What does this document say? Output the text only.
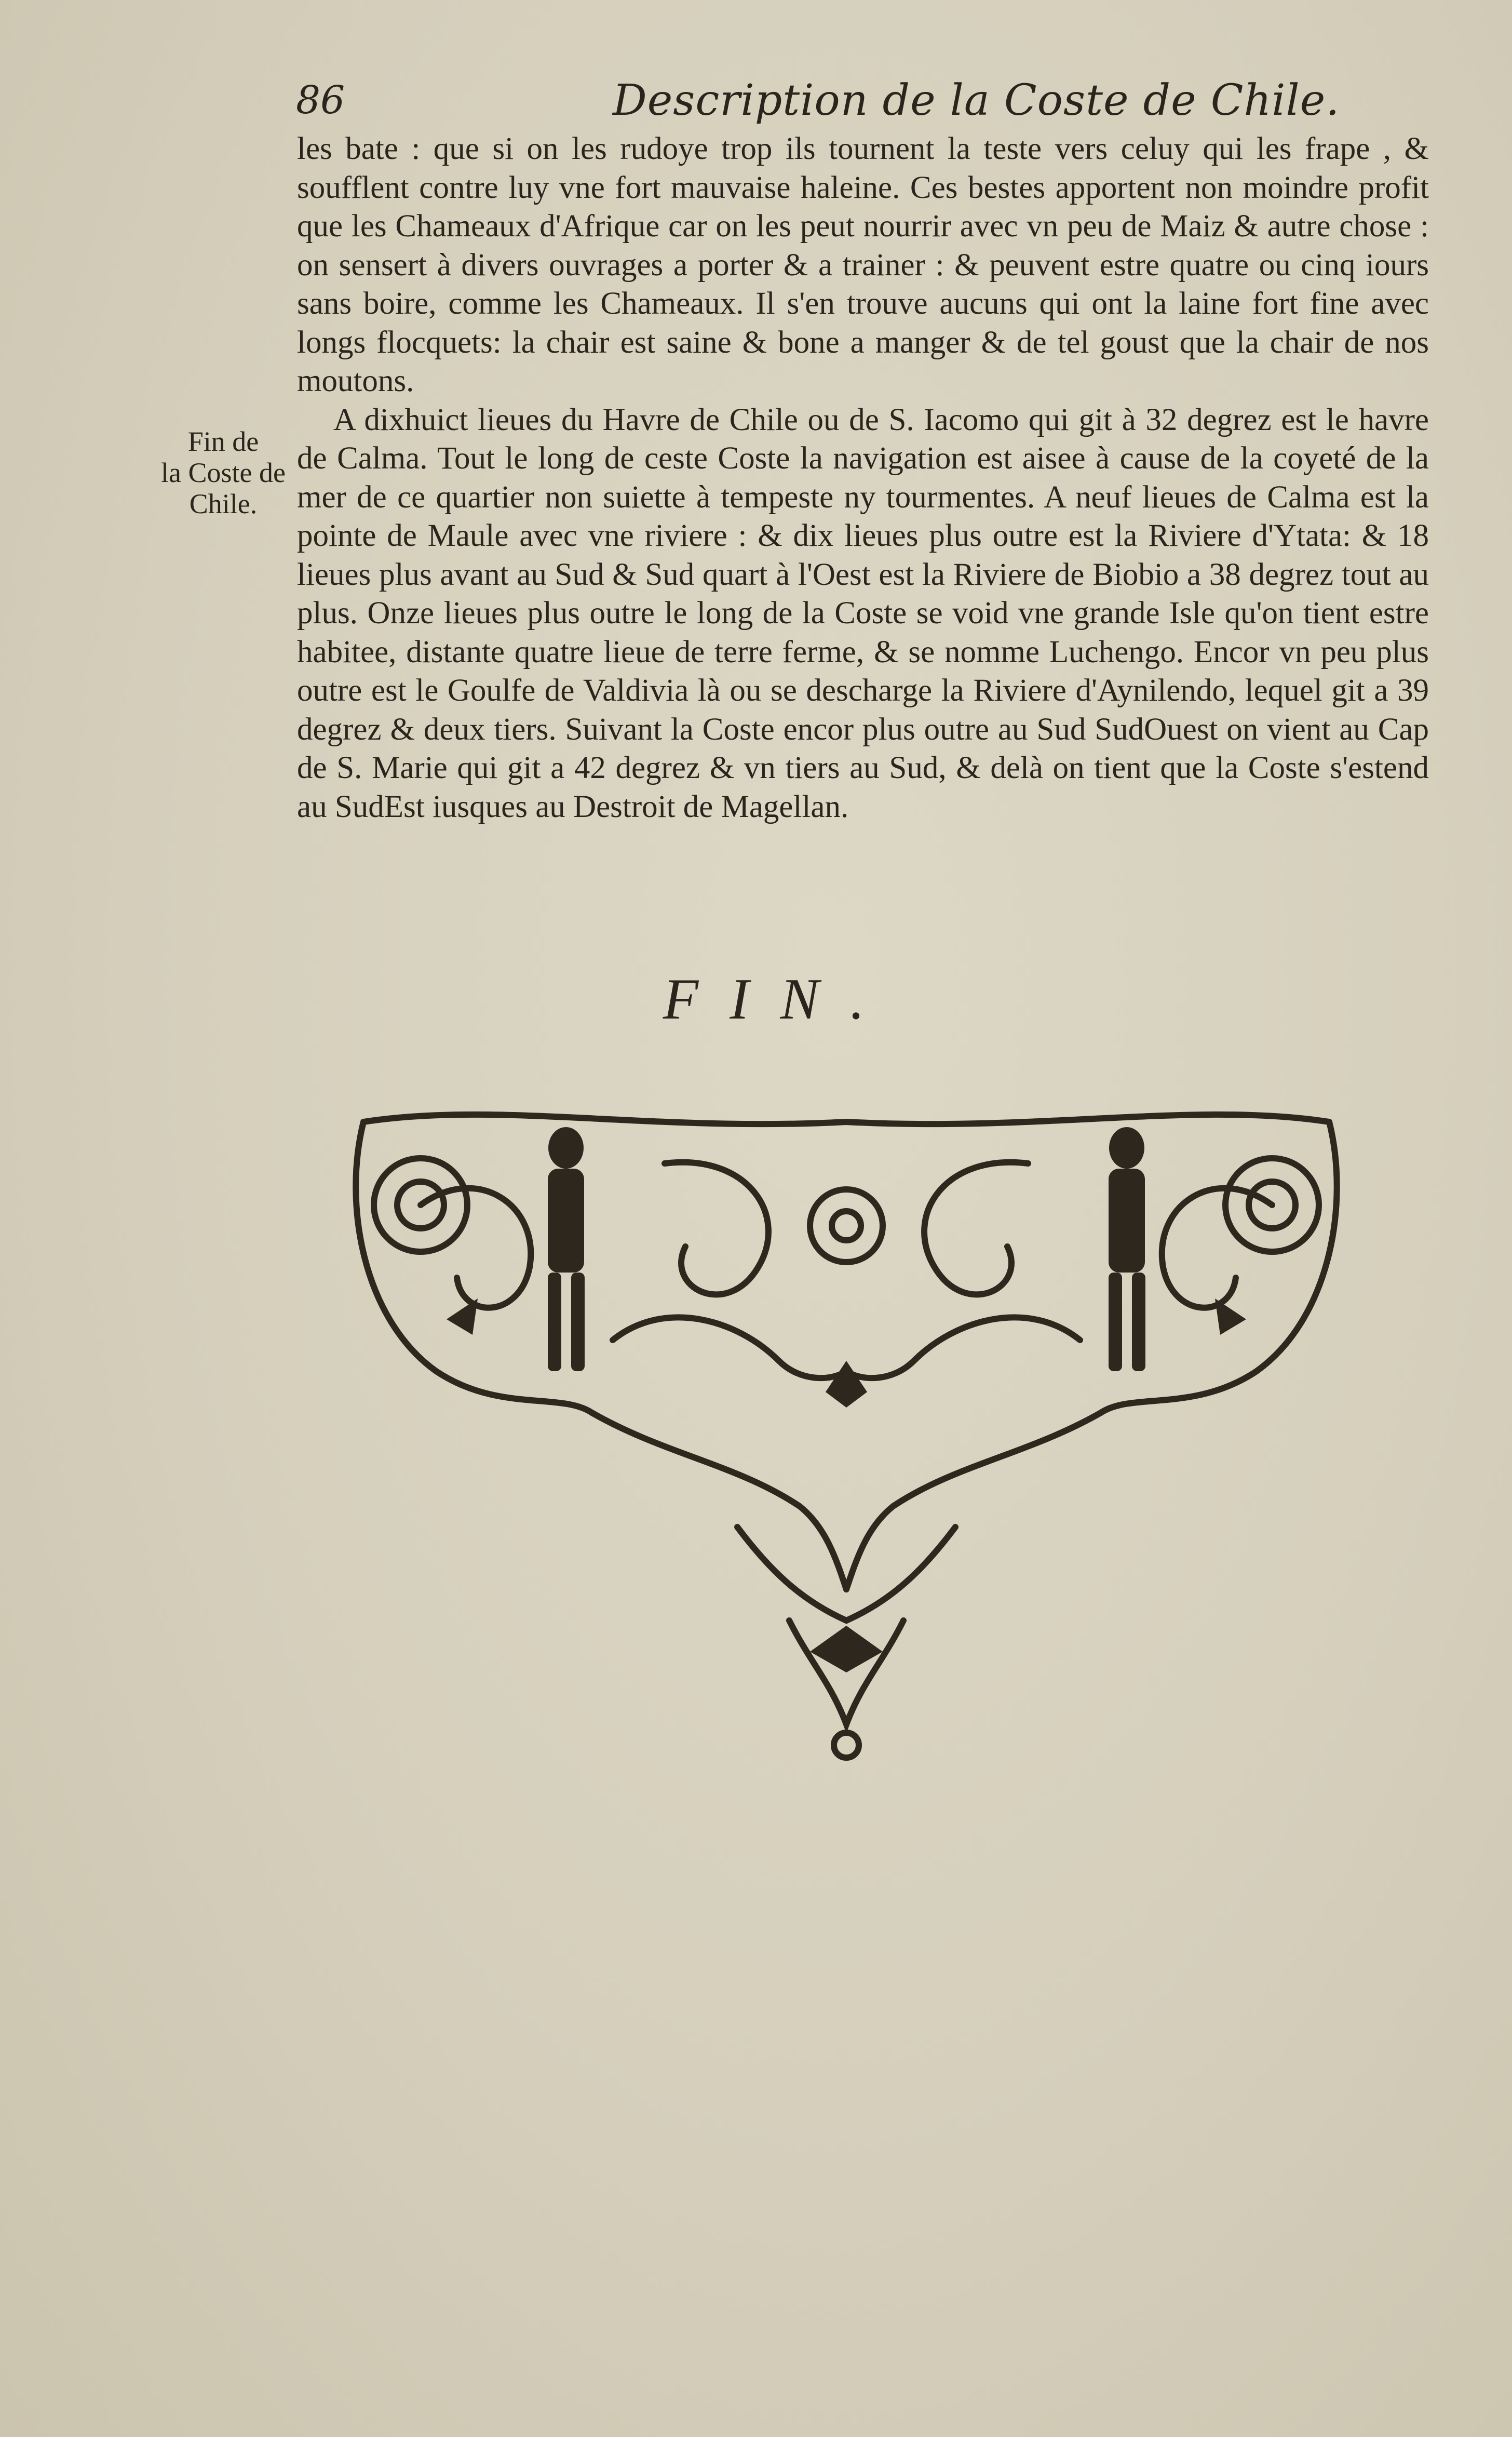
86	Description de la Coste de Chile.
Fin de
la Coste de
Chile.

les bate : que si on les rudoye trop ils tournent la teste vers celuy qui les frape , & soufflent contre luy vne fort mauvaise haleine. Ces bestes apportent non moindre profit que les Chameaux d'Afrique car on les peut nourrir avec vn peu de Maiz & autre chose : on sensert à divers ouvrages a porter & a trainer : & peuvent estre quatre ou cinq iours sans boire, comme les Chameaux. Il s'en trouve aucuns qui ont la laine fort fine avec longs flocquets: la chair est saine & bone a manger & de tel goust que la chair de nos moutons.

A dixhuict lieues du Havre de Chile ou de S. Iacomo qui git à 32 degrez est le havre de Calma. Tout le long de ceste Coste la navigation est aisee à cause de la coyeté de la mer de ce quartier non suiette à tempeste ny tourmentes. A neuf lieues de Calma est la pointe de Maule avec vne riviere : & dix lieues plus outre est la Riviere d'Ytata: & 18 lieues plus avant au Sud & Sud quart à l'Oest est la Riviere de Biobio a 38 degrez tout au plus. Onze lieues plus outre le long de la Coste se void vne grande Isle qu'on tient estre habitee, distante quatre lieue de terre ferme, & se nomme Luchengo. Encor vn peu plus outre est le Goulfe de Valdivia là ou se descharge la Riviere d'Aynilendo, lequel git a 39 degrez & deux tiers. Suivant la Coste encor plus outre au Sud SudOuest on vient au Cap de S. Marie qui git a 42 degrez & vn tiers au Sud, & delà on tient que la Coste s'estend au SudEst iusques au Destroit de Magellan.

FIN.
